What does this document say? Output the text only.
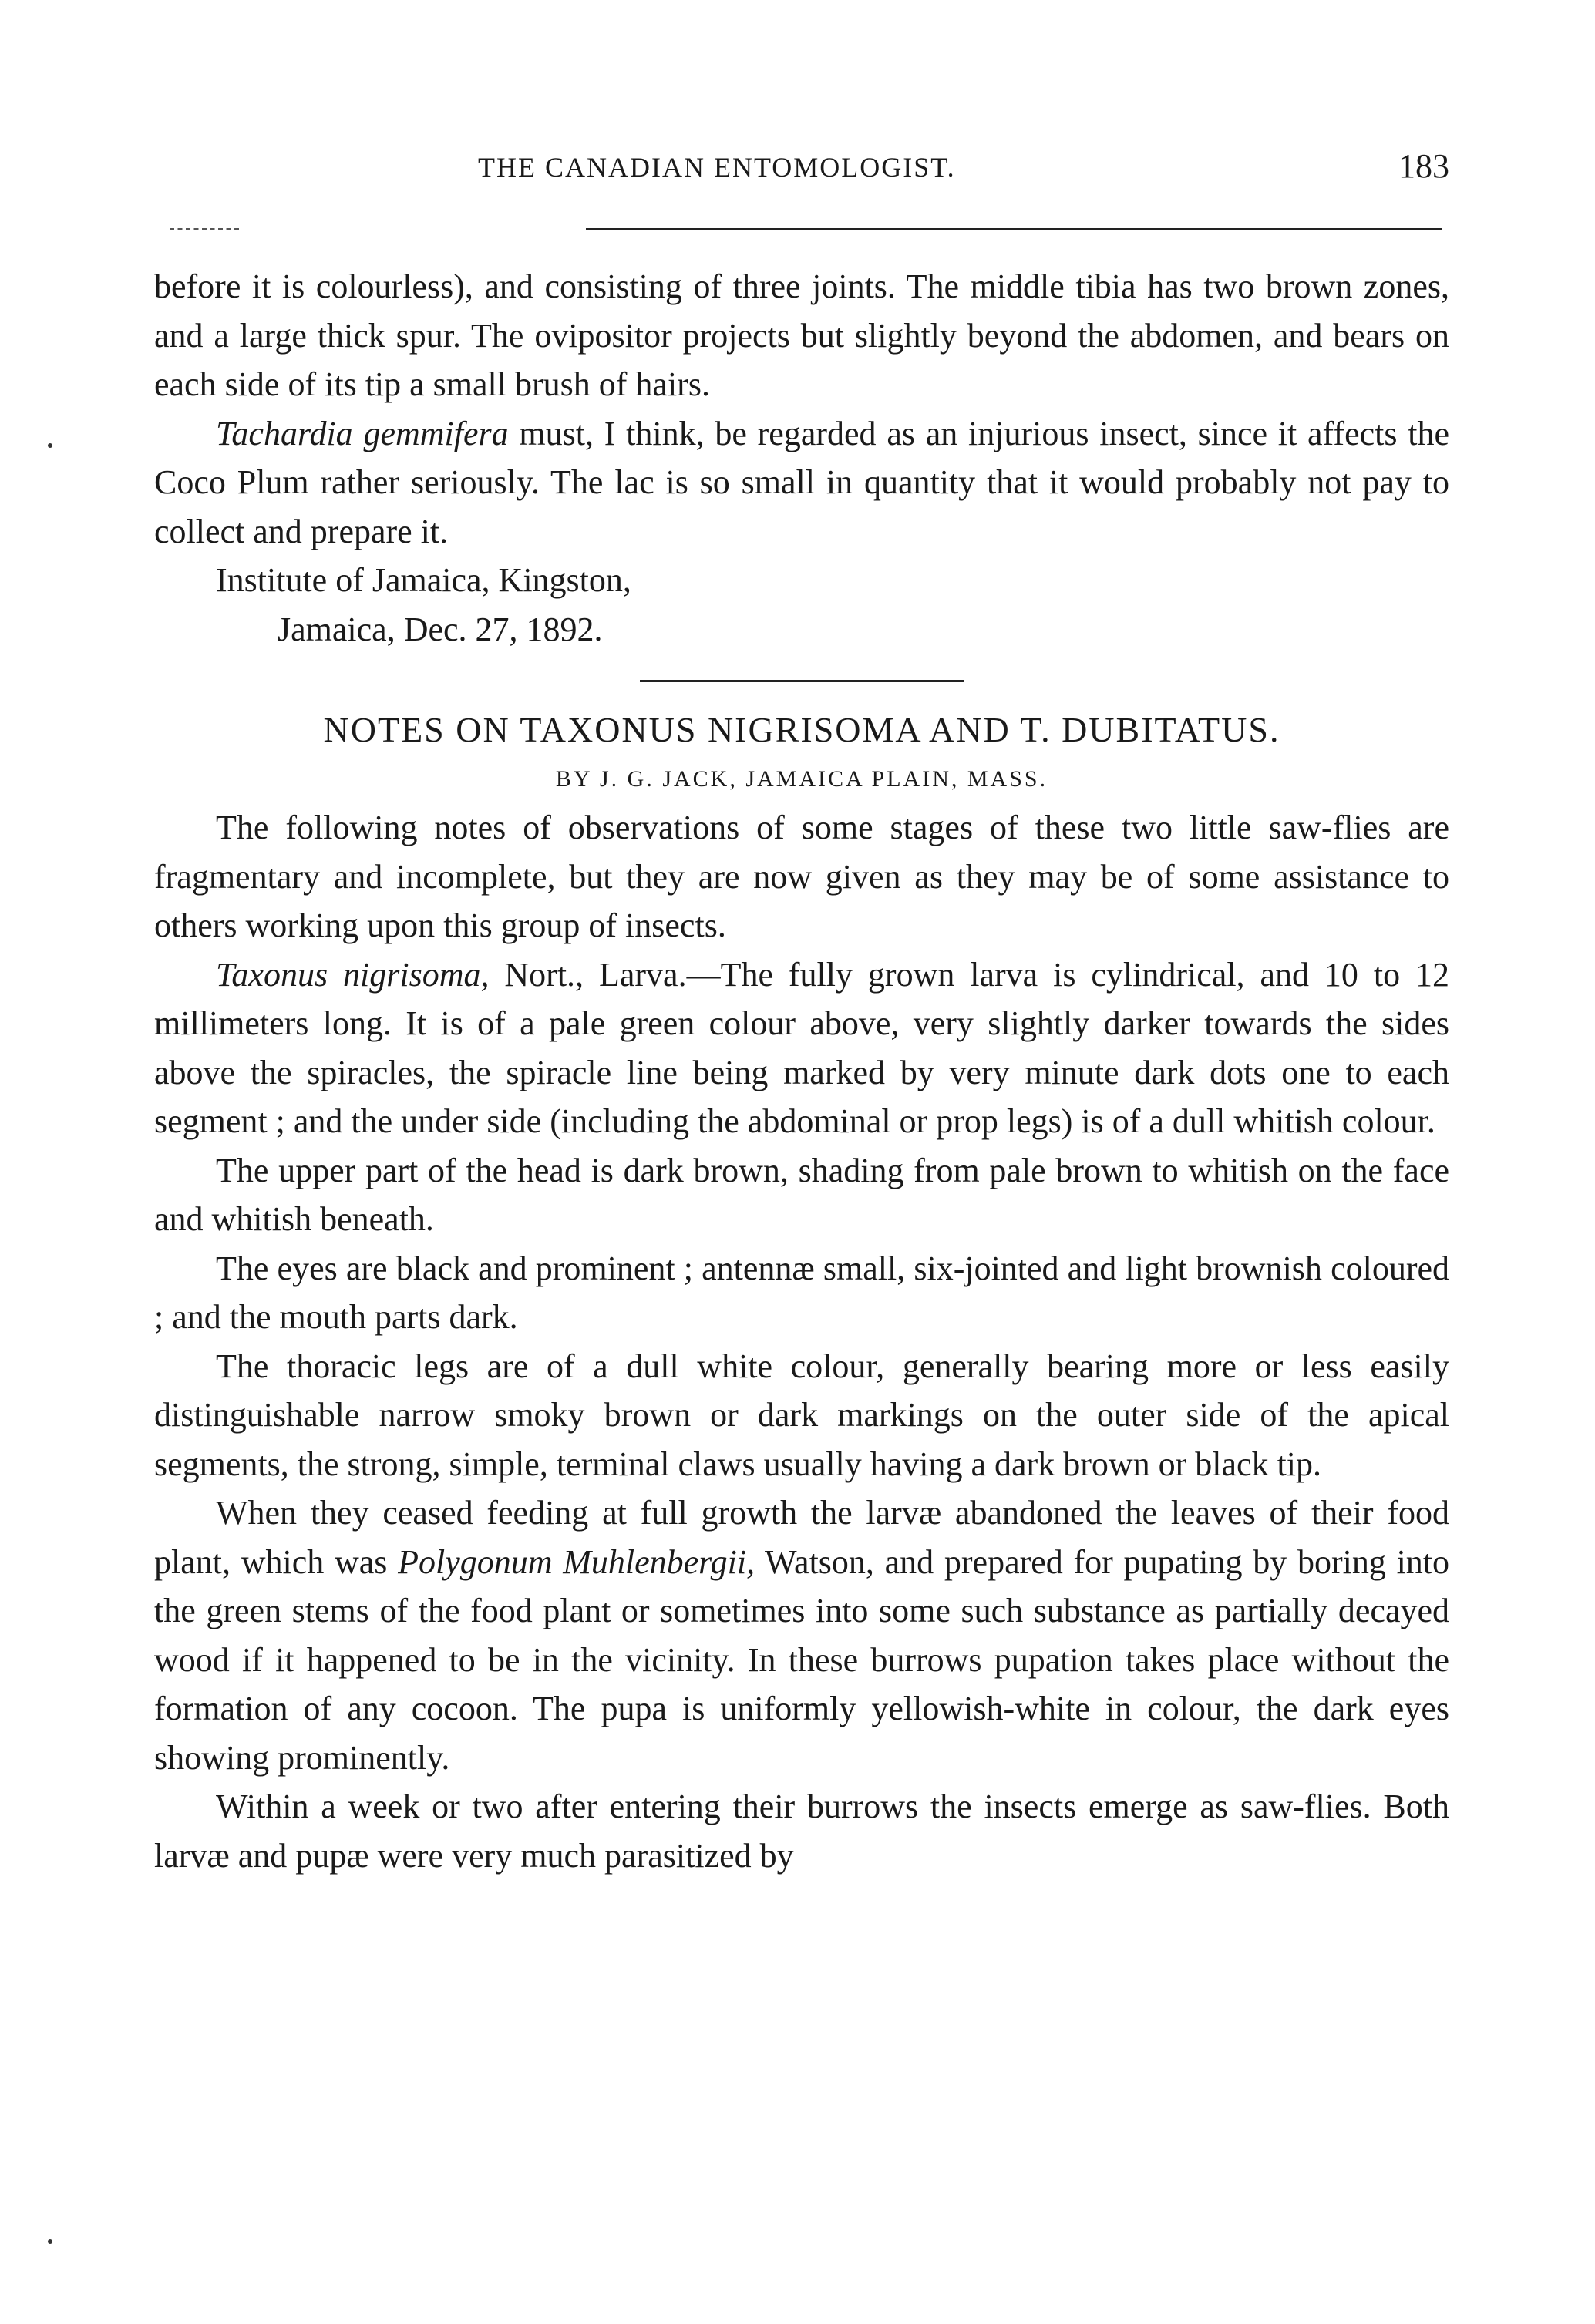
THE CANADIAN ENTOMOLOGIST.	183

before it is colourless), and consisting of three joints. The middle tibia has two brown zones, and a large thick spur. The ovipositor projects but slightly beyond the abdomen, and bears on each side of its tip a small brush of hairs.

Tachardia gemmifera must, I think, be regarded as an injurious insect, since it affects the Coco Plum rather seriously. The lac is so small in quantity that it would probably not pay to collect and prepare it.

Institute of Jamaica, Kingston,

Jamaica, Dec. 27, 1892.

NOTES ON TAXONUS NIGRISOMA AND T. DUBITATUS.

BY J. G. JACK, JAMAICA PLAIN, MASS.

The following notes of observations of some stages of these two little saw-flies are fragmentary and incomplete, but they are now given as they may be of some assistance to others working upon this group of insects.

Taxonus nigrisoma, Nort., Larva.—The fully grown larva is cylindrical, and 10 to 12 millimeters long. It is of a pale green colour above, very slightly darker towards the sides above the spiracles, the spiracle line being marked by very minute dark dots one to each segment ; and the under side (including the abdominal or prop legs) is of a dull whitish colour.

The upper part of the head is dark brown, shading from pale brown to whitish on the face and whitish beneath.

The eyes are black and prominent ; antennæ small, six-jointed and light brownish coloured ; and the mouth parts dark.

The thoracic legs are of a dull white colour, generally bearing more or less easily distinguishable narrow smoky brown or dark markings on the outer side of the apical segments, the strong, simple, terminal claws usually having a dark brown or black tip.

When they ceased feeding at full growth the larvæ abandoned the leaves of their food plant, which was Polygonum Muhlenbergii, Watson, and prepared for pupating by boring into the green stems of the food plant or sometimes into some such substance as partially decayed wood if it happened to be in the vicinity. In these burrows pupation takes place without the formation of any cocoon. The pupa is uniformly yellowish-white in colour, the dark eyes showing prominently.

Within a week or two after entering their burrows the insects emerge as saw-flies. Both larvæ and pupæ were very much parasitized by
